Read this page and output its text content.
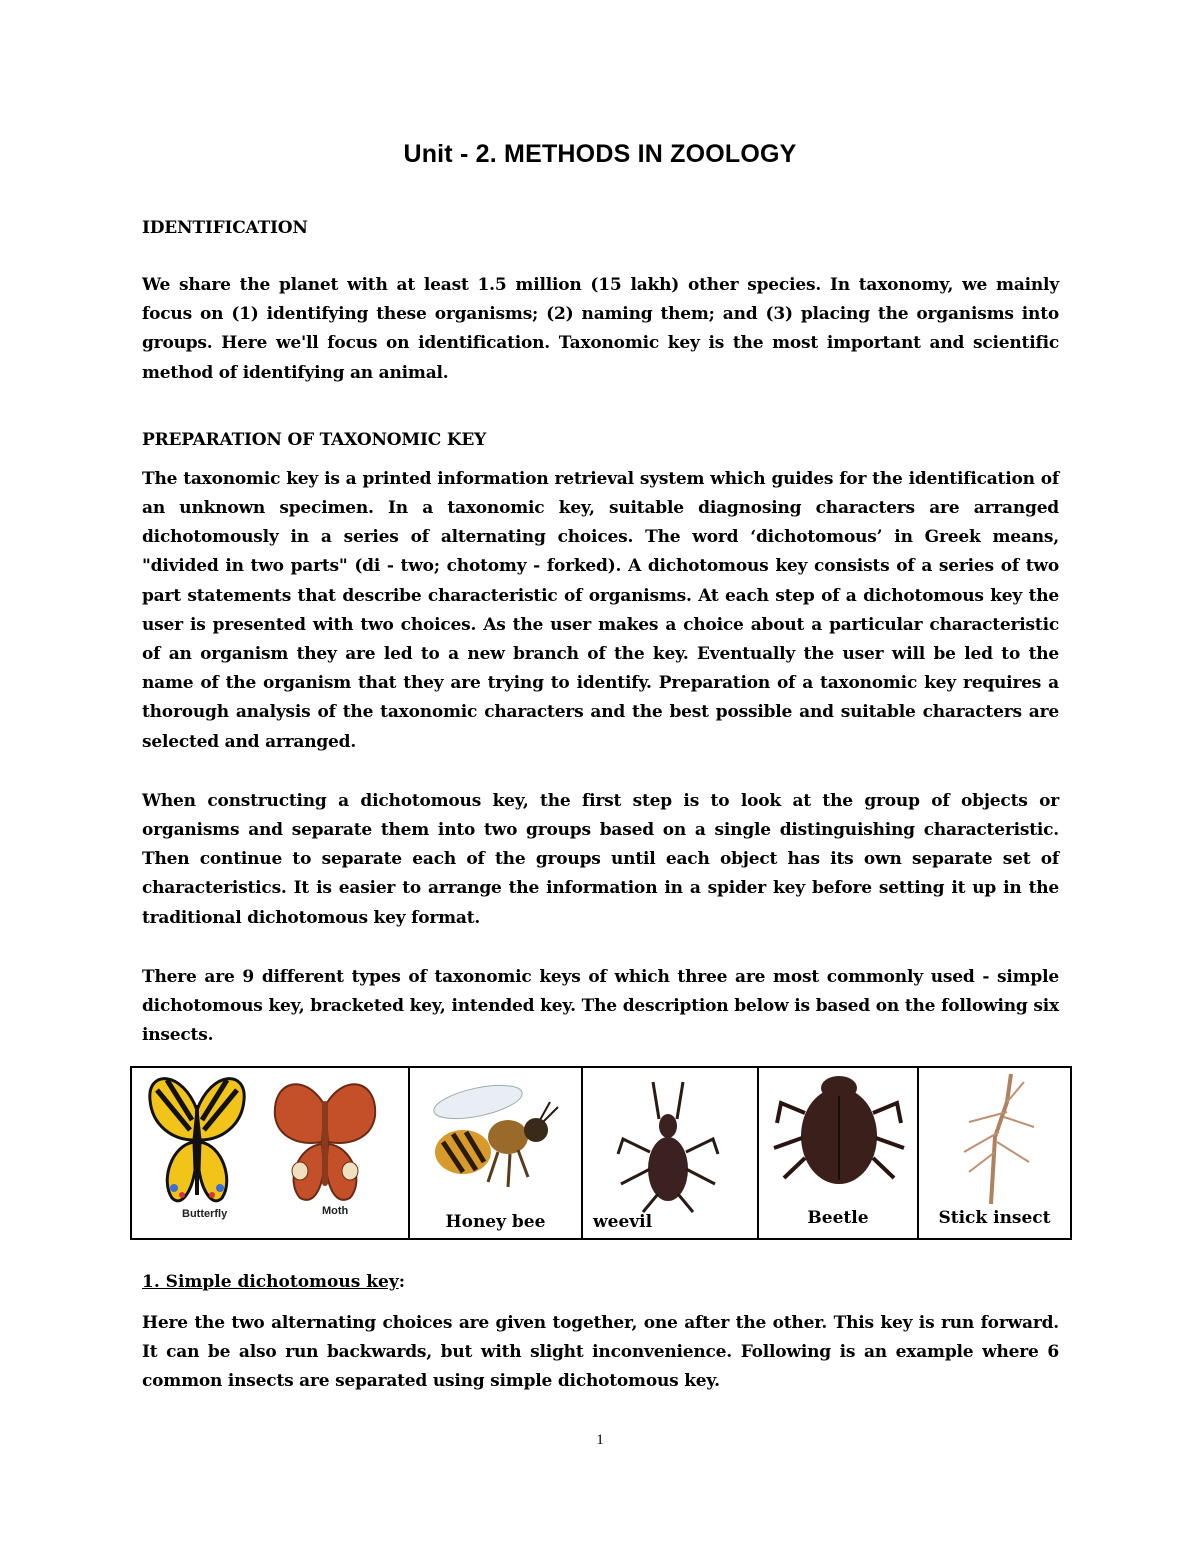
Unit - 2. METHODS IN ZOOLOGY
IDENTIFICATION

We share the planet with at least 1.5 million (15 lakh) other species. In taxonomy, we mainly focus on (1) identifying these organisms; (2) naming them; and (3) placing the organisms into groups. Here we'll focus on identification. Taxonomic key is the most important and scientific method of identifying an animal.

PREPARATION OF TAXONOMIC KEY

The taxonomic key is a printed information retrieval system which guides for the identification of an unknown specimen. In a taxonomic key, suitable diagnosing characters are arranged dichotomously in a series of alternating choices. The word ‘dichotomous’ in Greek means, "divided in two parts" (di - two; chotomy - forked). A dichotomous key consists of a series of two part statements that describe characteristic of organisms. At each step of a dichotomous key the user is presented with two choices. As the user makes a choice about a particular characteristic of an organism they are led to a new branch of the key. Eventually the user will be led to the name of the organism that they are trying to identify. Preparation of a taxonomic key requires a thorough analysis of the taxonomic characters and the best possible and suitable characters are selected and arranged.

When constructing a dichotomous key, the first step is to look at the group of objects or organisms and separate them into two groups based on a single distinguishing characteristic. Then continue to separate each of the groups until each object has its own separate set of characteristics. It is easier to arrange the information in a spider key before setting it up in the traditional dichotomous key format.

There are 9 different types of taxonomic keys of which three are most commonly used - simple dichotomous key, bracketed key, intended key. The description below is based on the following six insects.

Butterfly	Moth

Honey bee	weevil	Beetle	Stick insect
1. Simple dichotomous key:

Here the two alternating choices are given together, one after the other. This key is run forward. It can be also run backwards, but with slight inconvenience. Following is an example where 6 common insects are separated using simple dichotomous key.

1
